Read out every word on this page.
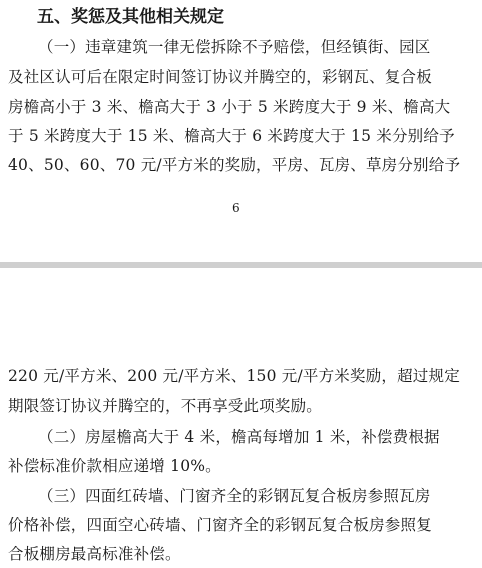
五、奖惩及其他相关规定
（一）违章建筑一律无偿拆除不予赔偿，但经镇街、园区
及社区认可后在限定时间签订协议并腾空的，彩钢瓦、复合板
房檐高小于 3 米、檐高大于 3 小于 5 米跨度大于 9 米、檐高大
于 5 米跨度大于 15 米、檐高大于 6 米跨度大于 15 米分别给予
40、50、60、70 元/平方米的奖励，平房、瓦房、草房分别给予
6
220 元/平方米、200 元/平方米、150 元/平方米奖励，超过规定
期限签订协议并腾空的，不再享受此项奖励。
（二）房屋檐高大于 4 米，檐高每增加 1 米，补偿费根据
补偿标准价款相应递增 10%。
（三）四面红砖墙、门窗齐全的彩钢瓦复合板房参照瓦房
价格补偿，四面空心砖墙、门窗齐全的彩钢瓦复合板房参照复
合板棚房最高标准补偿。
